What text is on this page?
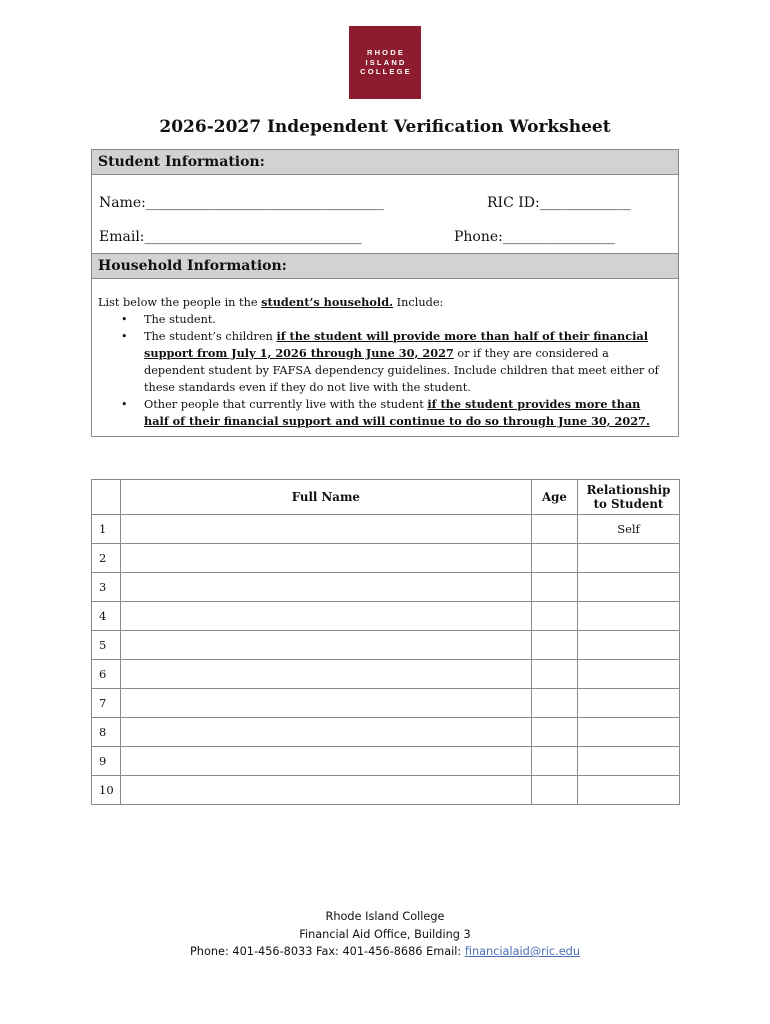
RHODE
ISLAND
COLLEGE
2026-2027 Independent Verification Worksheet
Student Information:
Name:__________________________________	RIC ID:_____________
Email:_______________________________	Phone:________________
Household Information:
List below the people in the student’s household. Include:
• The student.
• The student’s children if the student will provide more than half of their financial support from July 1, 2026 through June 30, 2027 or if they are considered a dependent student by FAFSA dependency guidelines. Include children that meet either of these standards even if they do not live with the student.
• Other people that currently live with the student if the student provides more than half of their financial support and will continue to do so through June 30, 2027.
	Full Name	Age	Relationship to Student
1			Self
2			
3			
4			
5			
6			
7			
8			
9			
10			
Rhode Island College
Financial Aid Office, Building 3
Phone: 401-456-8033 Fax: 401-456-8686 Email: financialaid@ric.edu
